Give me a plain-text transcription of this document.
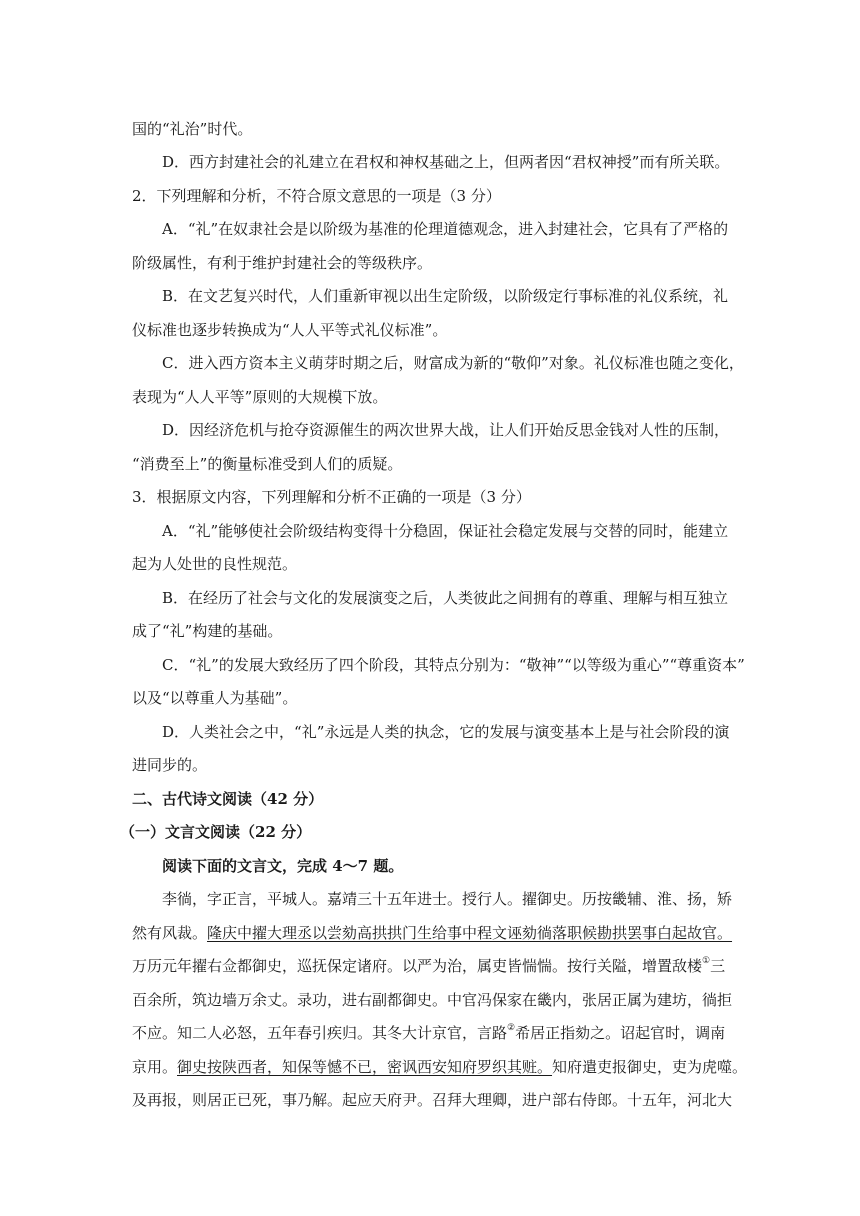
国的“礼治”时代。
D．西方封建社会的礼建立在君权和神权基础之上，但两者因“君权神授”而有所关联。
2．下列理解和分析，不符合原文意思的一项是（3 分）
A．“礼”在奴隶社会是以阶级为基准的伦理道德观念，进入封建社会，它具有了严格的
阶级属性，有利于维护封建社会的等级秩序。
B．在文艺复兴时代，人们重新审视以出生定阶级，以阶级定行事标准的礼仪系统，礼
仪标准也逐步转换成为“人人平等式礼仪标准”。
C．进入西方资本主义萌芽时期之后，财富成为新的“敬仰”对象。礼仪标准也随之变化，
表现为“人人平等”原则的大规模下放。
D．因经济危机与抢夺资源催生的两次世界大战，让人们开始反思金钱对人性的压制，
“消费至上”的衡量标准受到人们的质疑。
3．根据原文内容，下列理解和分析不正确的一项是（3 分）
A．“礼”能够使社会阶级结构变得十分稳固，保证社会稳定发展与交替的同时，能建立
起为人处世的良性规范。
B．在经历了社会与文化的发展演变之后，人类彼此之间拥有的尊重、理解与相互独立
成了“礼”构建的基础。
C．“礼”的发展大致经历了四个阶段，其特点分别为：“敬神”“以等级为重心”“尊重资本”
以及“以尊重人为基础”。
D．人类社会之中，“礼”永远是人类的执念，它的发展与演变基本上是与社会阶段的演
进同步的。
二、古代诗文阅读（42 分）
（一）文言文阅读（22 分）
阅读下面的文言文，完成 4～7 题。
李徜，字正言，平城人。嘉靖三十五年进士。授行人。擢御史。历按畿辅、淮、扬，矫
然有风裁。隆庆中擢大理丞以尝劾高拱拱门生给事中程文诬劾徜落职候勘拱罢事白起故官。
万历元年擢右佥都御史，巡抚保定诸府。以严为治，属吏皆惴惴。按行关隘，增置敌楼①三
百余所，筑边墙万余丈。录功，进右副都御史。中官冯保家在畿内，张居正属为建坊，徜拒
不应。知二人必怒，五年春引疾归。其冬大计京官，言路②希居正指劾之。诏起官时，调南
京用。御史按陕西者，知保等憾不已，密讽西安知府罗织其赃。知府遣吏报御史，吏为虎噬。
及再报，则居正已死，事乃解。起应天府尹。召拜大理卿，进户部右侍郎。十五年，河北大
